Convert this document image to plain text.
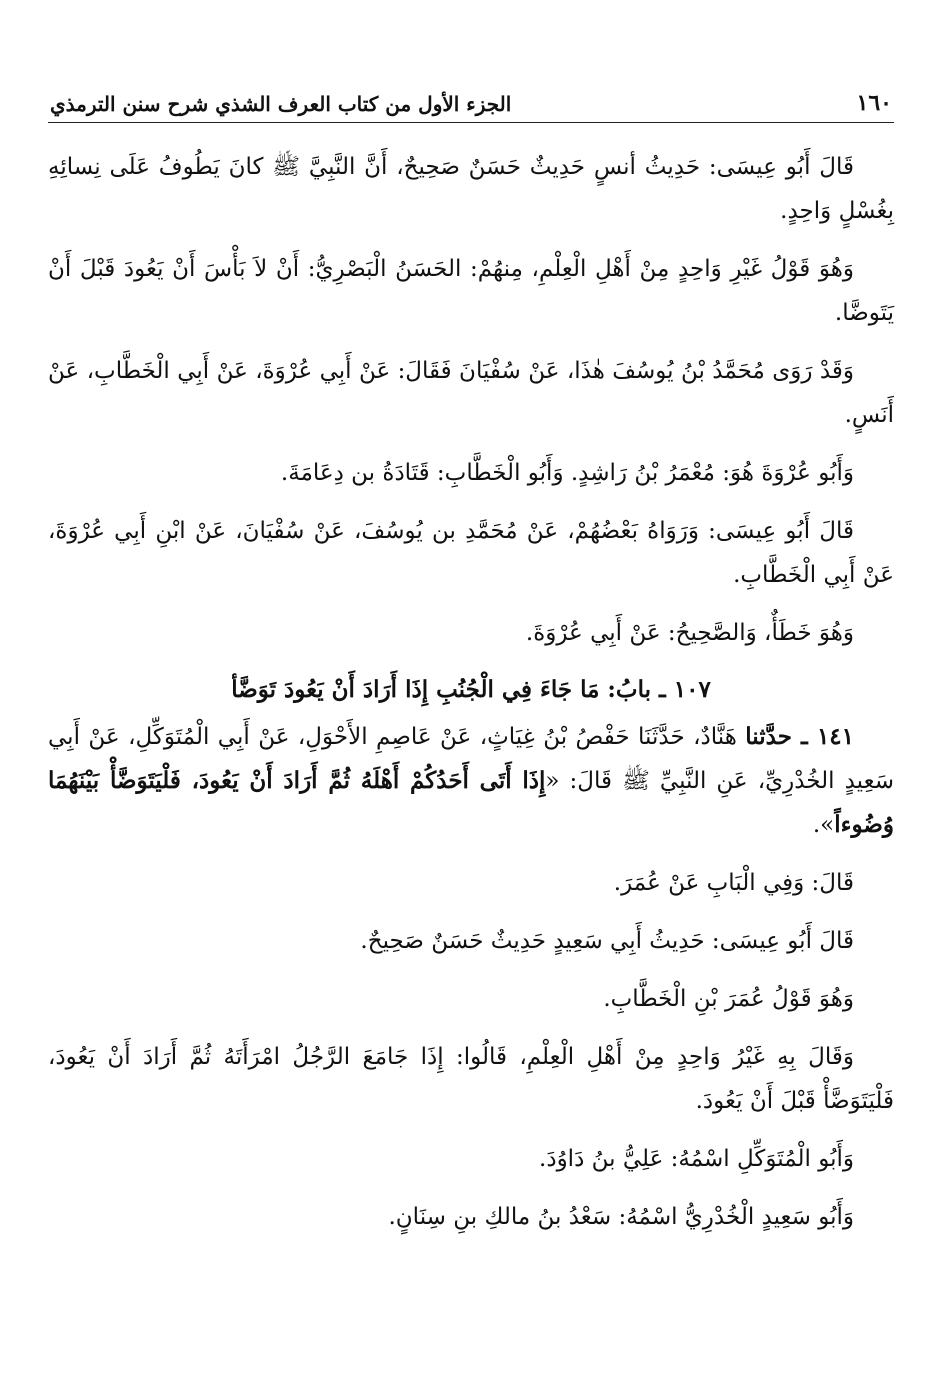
١٦٠
الجزء الأول من كتاب العرف الشذي شرح سنن الترمذي

قَالَ أَبُو عِيسَى: حَدِيثُ أنسٍ حَدِيثٌ حَسَنٌ صَحِيحٌ، أَنَّ النَّبِيَّ ﷺ كانَ يَطُوفُ عَلَى نِسائِهِ بِغُسْلٍ وَاحِدٍ.

وَهُوَ قَوْلُ غَيْرِ وَاحِدٍ مِنْ أَهْلِ الْعِلْمِ، مِنهُمْ: الحَسَنُ الْبَصْرِيُّ: أَنْ لاَ بَأْسَ أَنْ يَعُودَ قَبْلَ أَنْ يَتَوضَّا.

وَقَدْ رَوَى مُحَمَّدُ بْنُ يُوسُفَ هٰذَا، عَنْ سُفْيَانَ فَقَالَ: عَنْ أَبِي عُرْوَةَ، عَنْ أَبِي الْخَطَّابِ، عَنْ أَنَسٍ.

وَأَبُو عُرْوَةَ هُوَ: مُعْمَرُ بْنُ رَاشِدٍ. وَأَبُو الْخَطَّابِ: قَتَادَةُ بن دِعَامَةَ.

قَالَ أَبُو عِيسَى: وَرَوَاهُ بَعْضُهُمْ، عَنْ مُحَمَّدِ بن يُوسُفَ، عَنْ سُفْيَانَ، عَنْ ابْنِ أَبِي عُرْوَةَ، عَنْ أَبِي الْخَطَّابِ.

وَهُوَ خَطَأٌ، وَالصَّحِيحُ: عَنْ أَبِي عُرْوَةَ.

١٠٧ ـ بابُ: مَا جَاءَ فِي الْجُنُبِ إِذَا أَرَادَ أَنْ يَعُودَ تَوَضَّأ

١٤١ ـ حدَّثنا هَنَّادٌ، حَدَّثَنَا حَفْصُ بْنُ غِيَاثٍ، عَنْ عَاصِمِ الأَحْوَلِ، عَنْ أَبِي الْمُتَوَكِّلِ، عَنْ أَبِي سَعِيدٍ الخُدْرِيِّ، عَنِ النَّبِيِّ ﷺ قَالَ: «إِذَا أَتَى أَحَدُكُمْ أَهْلَهُ ثُمَّ أَرَادَ أَنْ يَعُودَ، فَلْيَتَوَضَّأْ بَيْنَهُمَا وُضُوءاً».

قَالَ: وَفِي الْبَابِ عَنْ عُمَرَ.

قَالَ أَبُو عِيسَى: حَدِيثُ أَبِي سَعِيدٍ حَدِيثٌ حَسَنٌ صَحِيحٌ.

وَهُوَ قَوْلُ عُمَرَ بْنِ الْخَطَّابِ.

وَقَالَ بِهِ غَيْرُ وَاحِدٍ مِنْ أَهْلِ الْعِلْمِ، قَالُوا: إِذَا جَامَعَ الرَّجُلُ امْرَأَتَهُ ثُمَّ أَرَادَ أَنْ يَعُودَ، فَلْيَتَوَضَّأْ قَبْلَ أَنْ يَعُودَ.

وَأَبُو الْمُتَوَكِّلِ اسْمُهُ: عَلِيُّ بنُ دَاوُدَ.

وَأَبُو سَعِيدٍ الْخُدْرِيُّ اسْمُهُ: سَعْدُ بنُ مالكِ بنِ سِنَانٍ.
